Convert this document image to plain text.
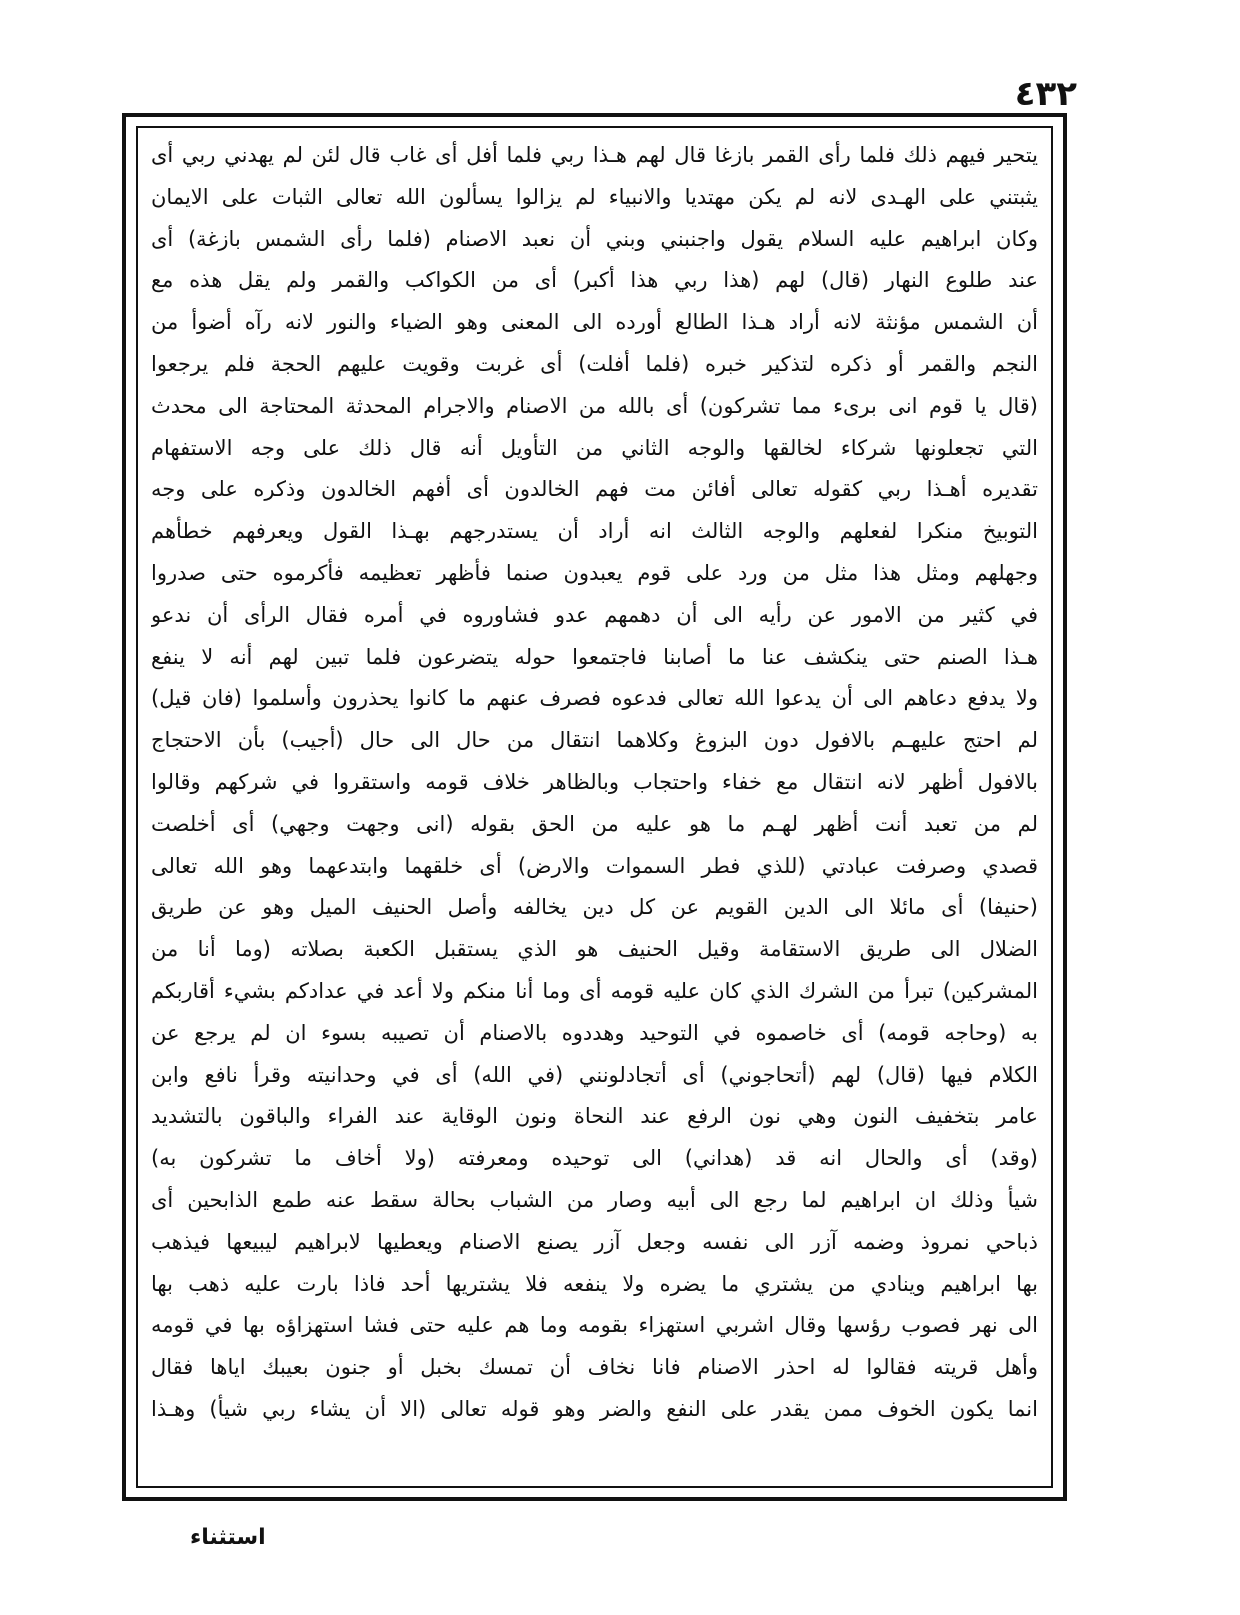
٤٣٢
يتحير فيهم ذلك فلما رأى القمر بازغا قال لهم هـذا ربي فلما أفل أى غاب قال لئن لم يهدني ربي أى
يثبتني على الهـدى لانه لم يكن مهتديا والانبياء لم يزالوا يسألون الله تعالى الثبات على الايمان
وكان ابراهيم عليه السلام يقول واجنبني وبني أن نعبد الاصنام (فلما رأى الشمس بازغة) أى
عند طلوع النهار (قال) لهم (هذا ربي هذا أكبر) أى من الكواكب والقمر ولم يقل هذه مع
أن الشمس مؤنثة لانه أراد هـذا الطالع أورده الى المعنى وهو الضياء والنور لانه رآه أضوأ من
النجم والقمر أو ذكره لتذكير خبره (فلما أفلت) أى غربت وقويت عليهم الحجة فلم يرجعوا
(قال يا قوم انى برىء مما تشركون) أى بالله من الاصنام والاجرام المحدثة المحتاجة الى محدث
التي تجعلونها شركاء لخالقها والوجه الثاني من التأويل أنه قال ذلك على وجه الاستفهام
تقديره أهـذا ربي كقوله تعالى أفائن مت فهم الخالدون أى أفهم الخالدون وذكره على وجه
التوبيخ منكرا لفعلهم والوجه الثالث انه أراد أن يستدرجهم بهـذا القول ويعرفهم خطأهم
وجهلهم ومثل هذا مثل من ورد على قوم يعبدون صنما فأظهر تعظيمه فأكرموه حتى صدروا
في كثير من الامور عن رأيه الى أن دهمهم عدو فشاوروه في أمره فقال الرأى أن ندعو
هـذا الصنم حتى ينكشف عنا ما أصابنا فاجتمعوا حوله يتضرعون فلما تبين لهم أنه لا ينفع
ولا يدفع دعاهم الى أن يدعوا الله تعالى فدعوه فصرف عنهم ما كانوا يحذرون وأسلموا (فان قيل)
لم احتج عليهـم بالافول دون البزوغ وكلاهما انتقال من حال الى حال (أجيب) بأن الاحتجاج
بالافول أظهر لانه انتقال مع خفاء واحتجاب وبالظاهر خلاف قومه واستقروا في شركهم وقالوا
لم من تعبد أنت أظهر لهـم ما هو عليه من الحق بقوله (انى وجهت وجهي) أى أخلصت
قصدي وصرفت عبادتي (للذي فطر السموات والارض) أى خلقهما وابتدعهما وهو الله تعالى
(حنيفا) أى مائلا الى الدين القويم عن كل دين يخالفه وأصل الحنيف الميل وهو عن طريق
الضلال الى طريق الاستقامة وقيل الحنيف هو الذي يستقبل الكعبة بصلاته (وما أنا من
المشركين) تبرأ من الشرك الذي كان عليه قومه أى وما أنا منكم ولا أعد في عدادكم بشيء أقاربكم
به (وحاجه قومه) أى خاصموه في التوحيد وهددوه بالاصنام أن تصيبه بسوء ان لم يرجع عن
الكلام فيها (قال) لهم (أتحاجوني) أى أتجادلونني (في الله) أى في وحدانيته وقرأ نافع وابن
عامر بتخفيف النون وهي نون الرفع عند النحاة ونون الوقاية عند الفراء والباقون بالتشديد
(وقد) أى والحال انه قد (هداني) الى توحيده ومعرفته (ولا أخاف ما تشركون به)
شيأ وذلك ان ابراهيم لما رجع الى أبيه وصار من الشباب بحالة سقط عنه طمع الذابحين أى
ذباحي نمروذ وضمه آزر الى نفسه وجعل آزر يصنع الاصنام ويعطيها لابراهيم ليبيعها فيذهب
بها ابراهيم وينادي من يشتري ما يضره ولا ينفعه فلا يشتريها أحد فاذا بارت عليه ذهب بها
الى نهر فصوب رؤسها وقال اشربي استهزاء بقومه وما هم عليه حتى فشا استهزاؤه بها في قومه
وأهل قريته فقالوا له احذر الاصنام فانا نخاف أن تمسك بخبل أو جنون بعيبك اياها فقال
انما يكون الخوف ممن يقدر على النفع والضر وهو قوله تعالى (الا أن يشاء ربي شيأ) وهـذا
استثناء
